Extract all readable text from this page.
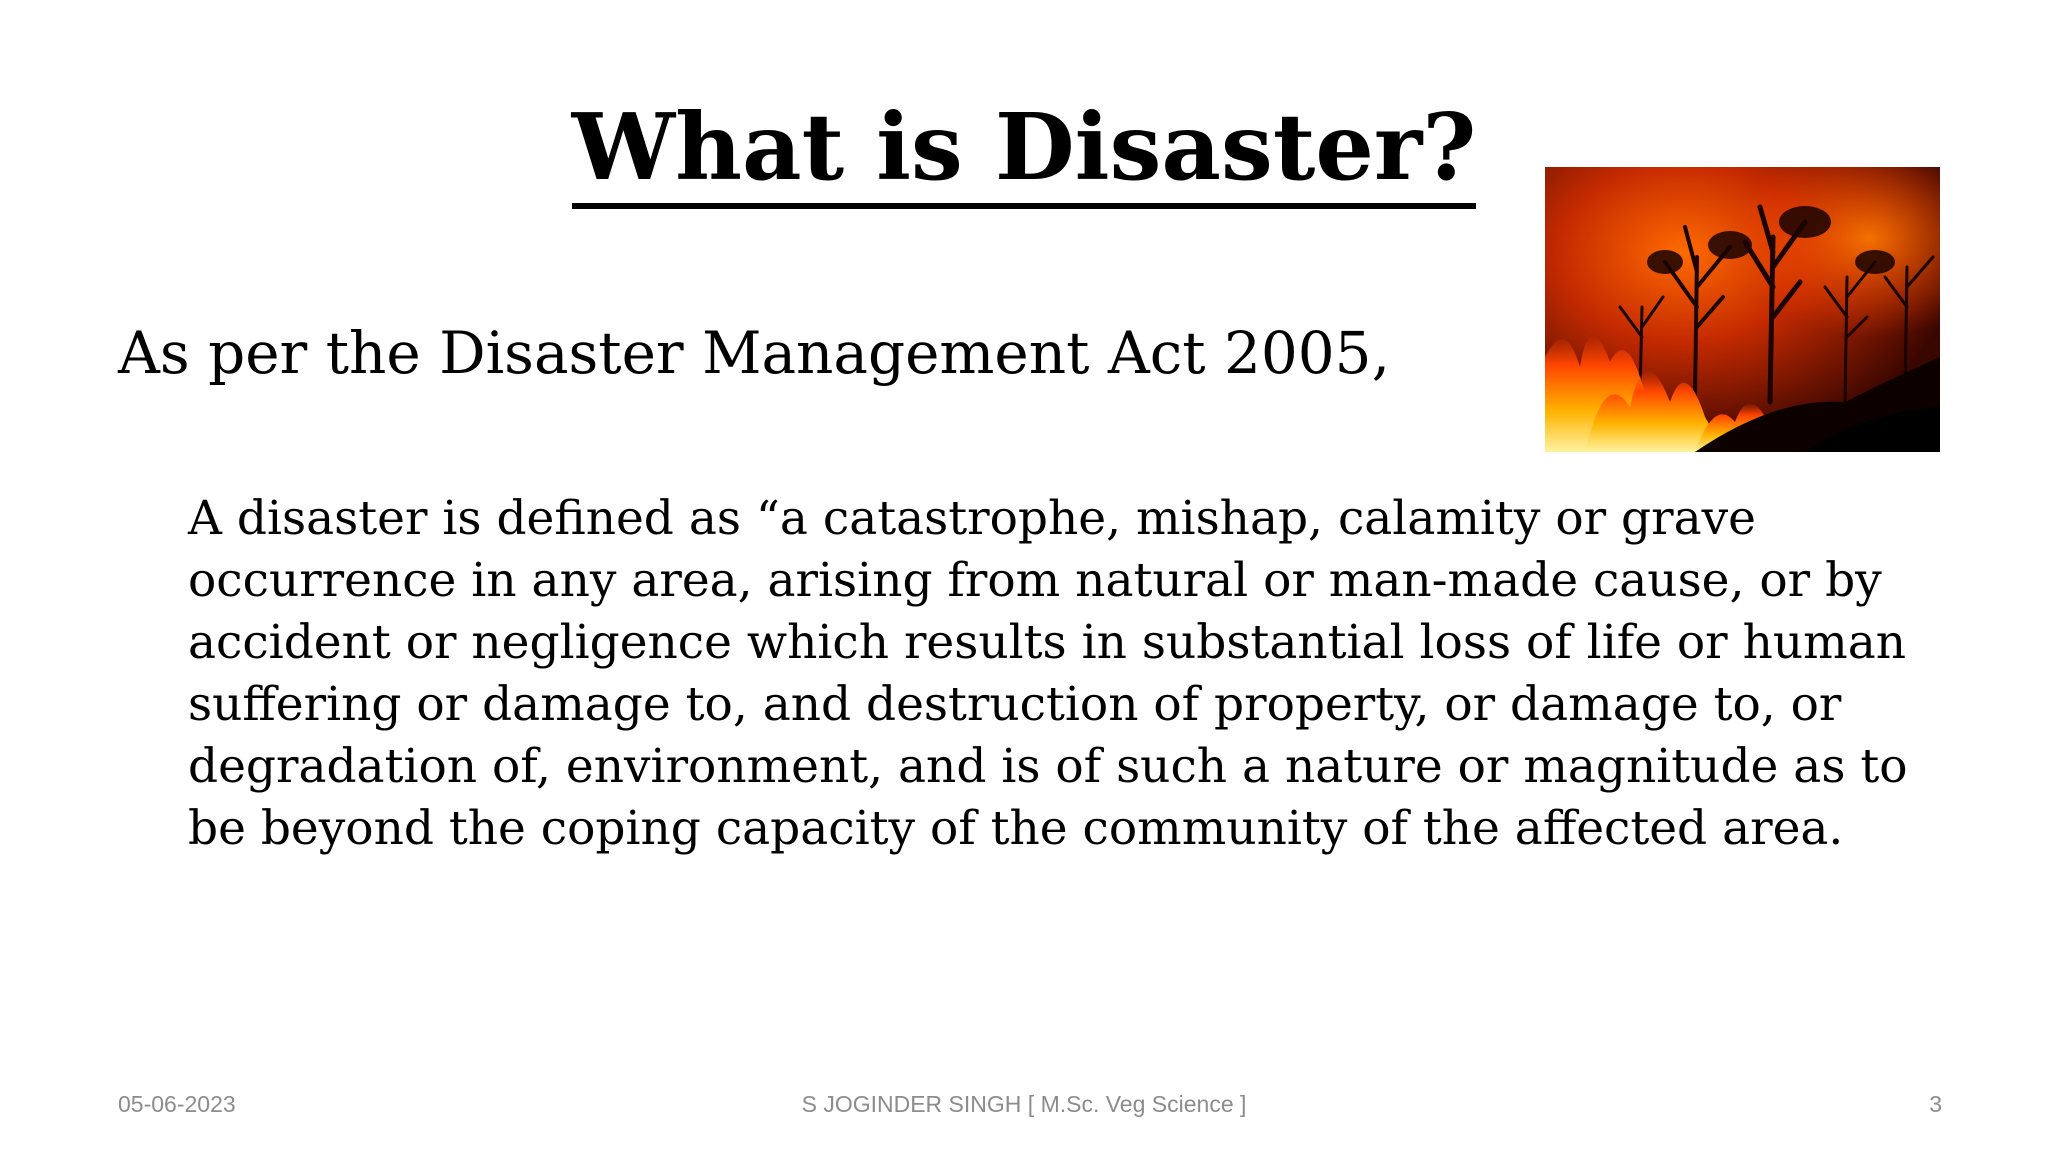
What is Disaster?
As per the Disaster Management Act 2005,
A disaster is defined as “a catastrophe, mishap, calamity or grave occurrence in any area, arising from natural or man-made cause, or by accident or negligence which results in substantial loss of life or human suffering or damage to, and destruction of property, or damage to, or degradation of, environment, and is of such a nature or magnitude as to be beyond the coping capacity of the community of the affected area.
05-06-2023	S JOGINDER SINGH [ M.Sc. Veg Science ]	3
